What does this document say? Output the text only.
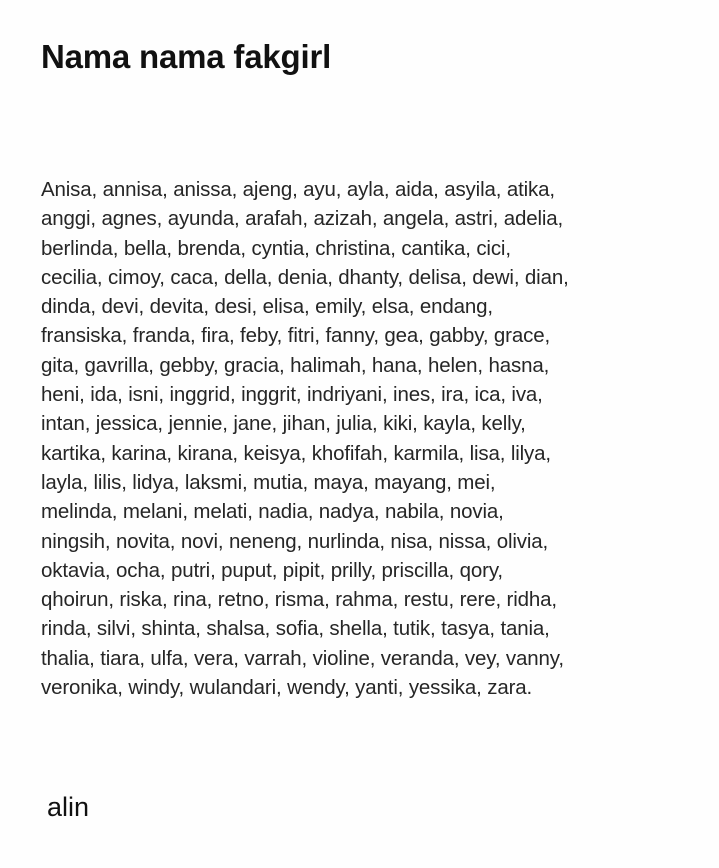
Nama nama fakgirl
Anisa, annisa, anissa, ajeng, ayu, ayla, aida, asyila, atika,
anggi, agnes, ayunda, arafah, azizah, angela, astri, adelia,
berlinda, bella, brenda, cyntia, christina, cantika, cici,
cecilia, cimoy, caca, della, denia, dhanty, delisa, dewi, dian,
dinda, devi, devita, desi, elisa, emily, elsa, endang,
fransiska, franda, fira, feby, fitri, fanny, gea, gabby, grace,
gita, gavrilla, gebby, gracia, halimah, hana, helen, hasna,
heni, ida, isni, inggrid, inggrit, indriyani, ines, ira, ica, iva,
intan, jessica, jennie, jane, jihan, julia, kiki, kayla, kelly,
kartika, karina, kirana, keisya, khofifah, karmila, lisa, lilya,
layla, lilis, lidya, laksmi, mutia, maya, mayang, mei,
melinda, melani, melati, nadia, nadya, nabila, novia,
ningsih, novita, novi, neneng, nurlinda, nisa, nissa, olivia,
oktavia, ocha, putri, puput, pipit, prilly, priscilla, qory,
qhoirun, riska, rina, retno, risma, rahma, restu, rere, ridha,
rinda, silvi, shinta, shalsa, sofia, shella, tutik, tasya, tania,
thalia, tiara, ulfa, vera, varrah, violine, veranda, vey, vanny,
veronika, windy, wulandari, wendy, yanti, yessika, zara.
alin
